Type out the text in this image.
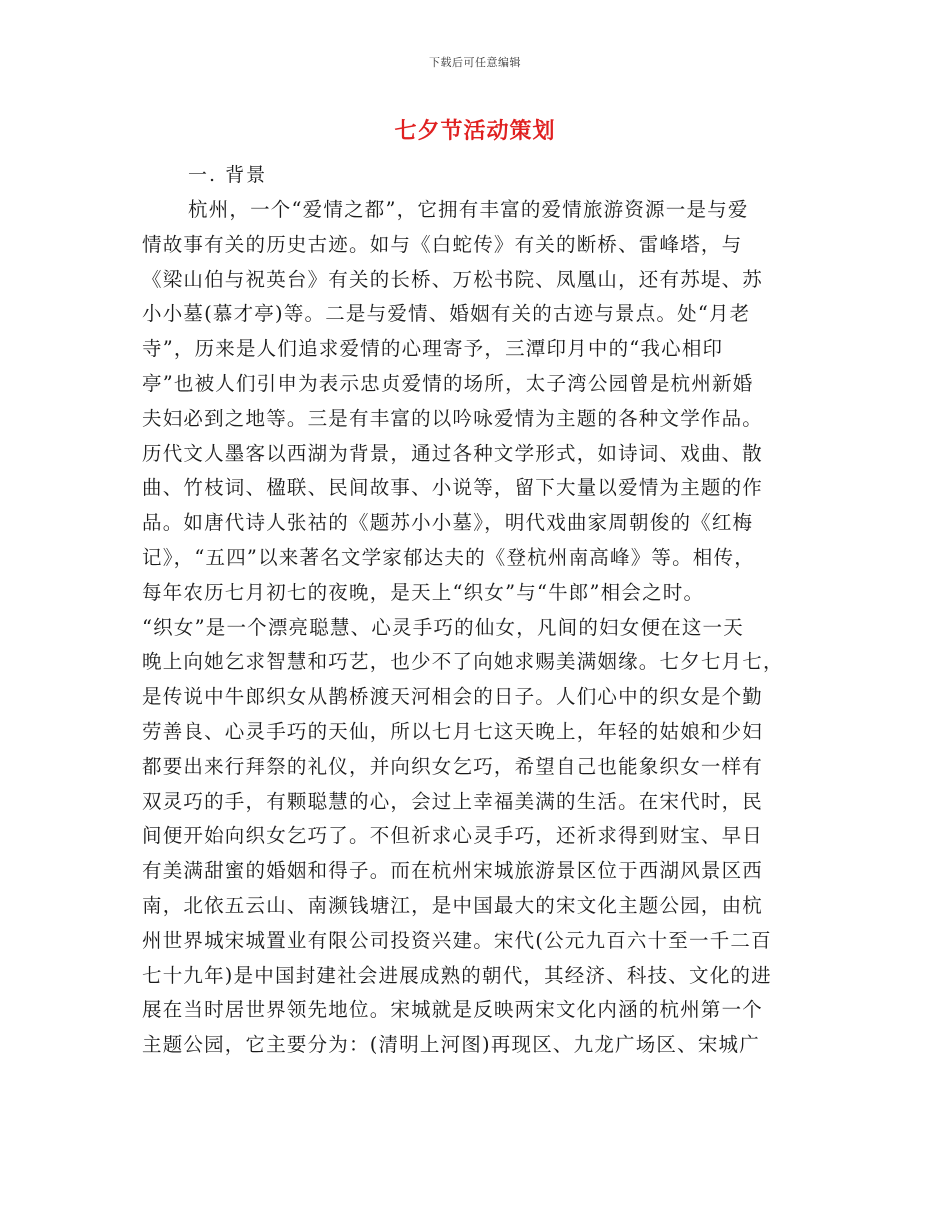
下载后可任意编辑
七夕节活动策划
一. 背景
杭州，一个“爱情之都”，它拥有丰富的爱情旅游资源一是与爱
情故事有关的历史古迹。如与《白蛇传》有关的断桥、雷峰塔，与
《梁山伯与祝英台》有关的长桥、万松书院、凤凰山，还有苏堤、苏
小小墓(慕才亭)等。二是与爱情、婚姻有关的古迹与景点。处“月老
寺”，历来是人们追求爱情的心理寄予，三潭印月中的“我心相印
亭”也被人们引申为表示忠贞爱情的场所，太子湾公园曾是杭州新婚
夫妇必到之地等。三是有丰富的以吟咏爱情为主题的各种文学作品。
历代文人墨客以西湖为背景，通过各种文学形式，如诗词、戏曲、散
曲、竹枝词、楹联、民间故事、小说等，留下大量以爱情为主题的作
品。如唐代诗人张祜的《题苏小小墓》，明代戏曲家周朝俊的《红梅
记》，“五四”以来著名文学家郁达夫的《登杭州南高峰》等。相传，
每年农历七月初七的夜晚，是天上“织女”与“牛郎”相会之时。
“织女”是一个漂亮聪慧、心灵手巧的仙女，凡间的妇女便在这一天
晚上向她乞求智慧和巧艺，也少不了向她求赐美满姻缘。七夕七月七，
是传说中牛郎织女从鹊桥渡天河相会的日子。人们心中的织女是个勤
劳善良、心灵手巧的天仙，所以七月七这天晚上，年轻的姑娘和少妇
都要出来行拜祭的礼仪，并向织女乞巧，希望自己也能象织女一样有
双灵巧的手，有颗聪慧的心，会过上幸福美满的生活。在宋代时，民
间便开始向织女乞巧了。不但祈求心灵手巧，还祈求得到财宝、早日
有美满甜蜜的婚姻和得子。而在杭州宋城旅游景区位于西湖风景区西
南，北依五云山、南濒钱塘江，是中国最大的宋文化主题公园，由杭
州世界城宋城置业有限公司投资兴建。宋代(公元九百六十至一千二百
七十九年)是中国封建社会进展成熟的朝代，其经济、科技、文化的进
展在当时居世界领先地位。宋城就是反映两宋文化内涵的杭州第一个
主题公园，它主要分为：(清明上河图)再现区、九龙广场区、宋城广
